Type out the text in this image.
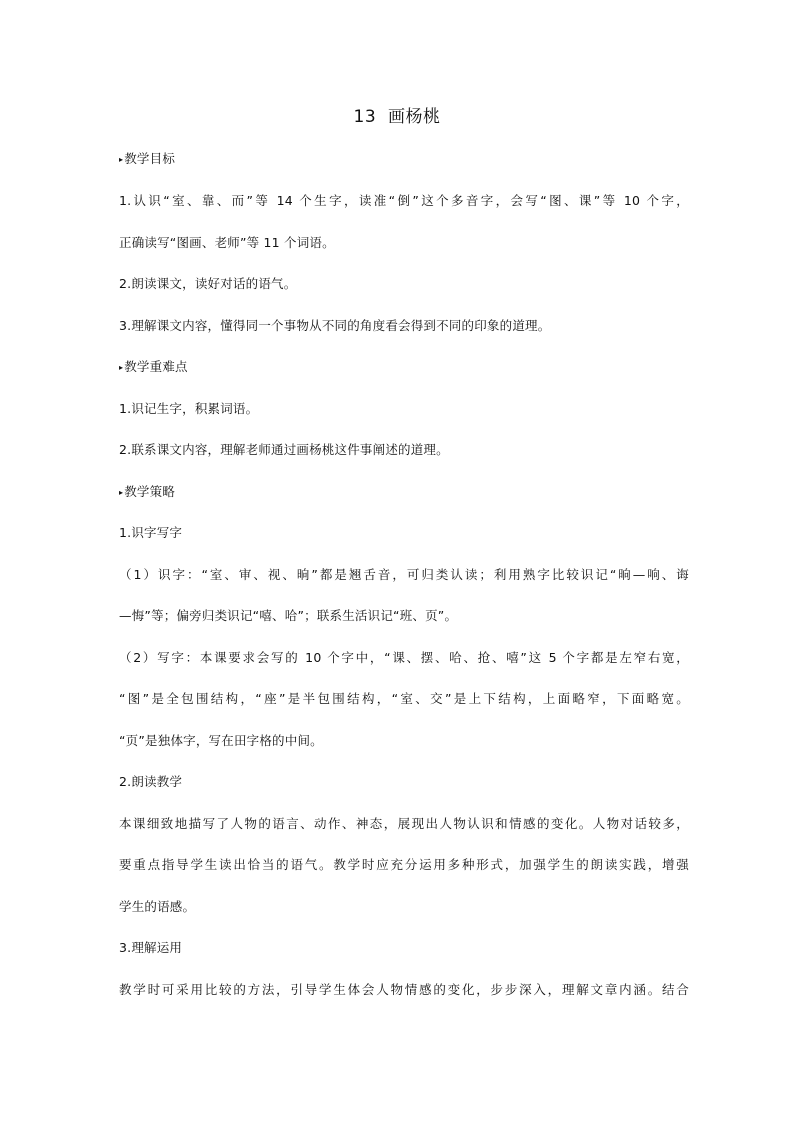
13  画杨桃
▸教学目标
1.认识“室、靠、而”等 14 个生字，读准“倒”这个多音字，会写“图、课”等 10 个字，
正确读写“图画、老师”等 11 个词语。
2.朗读课文，读好对话的语气。
3.理解课文内容，懂得同一个事物从不同的角度看会得到不同的印象的道理。
▸教学重难点
1.识记生字，积累词语。
2.联系课文内容，理解老师通过画杨桃这件事阐述的道理。
▸教学策略
1.识字写字
（1）识字：“室、审、视、晌”都是翘舌音，可归类认读；利用熟字比较识记“晌—响、诲
—悔”等；偏旁归类识记“嘻、哈”；联系生活识记“班、页”。
（2）写字：本课要求会写的 10 个字中，“课、摆、哈、抢、嘻”这 5 个字都是左窄右宽，
“图”是全包围结构，“座”是半包围结构，“室、交”是上下结构，上面略窄，下面略宽。
“页”是独体字，写在田字格的中间。
2.朗读教学
本课细致地描写了人物的语言、动作、神态，展现出人物认识和情感的变化。人物对话较多，
要重点指导学生读出恰当的语气。教学时应充分运用多种形式，加强学生的朗读实践，增强
学生的语感。
3.理解运用
教学时可采用比较的方法，引导学生体会人物情感的变化，步步深入，理解文章内涵。结合
